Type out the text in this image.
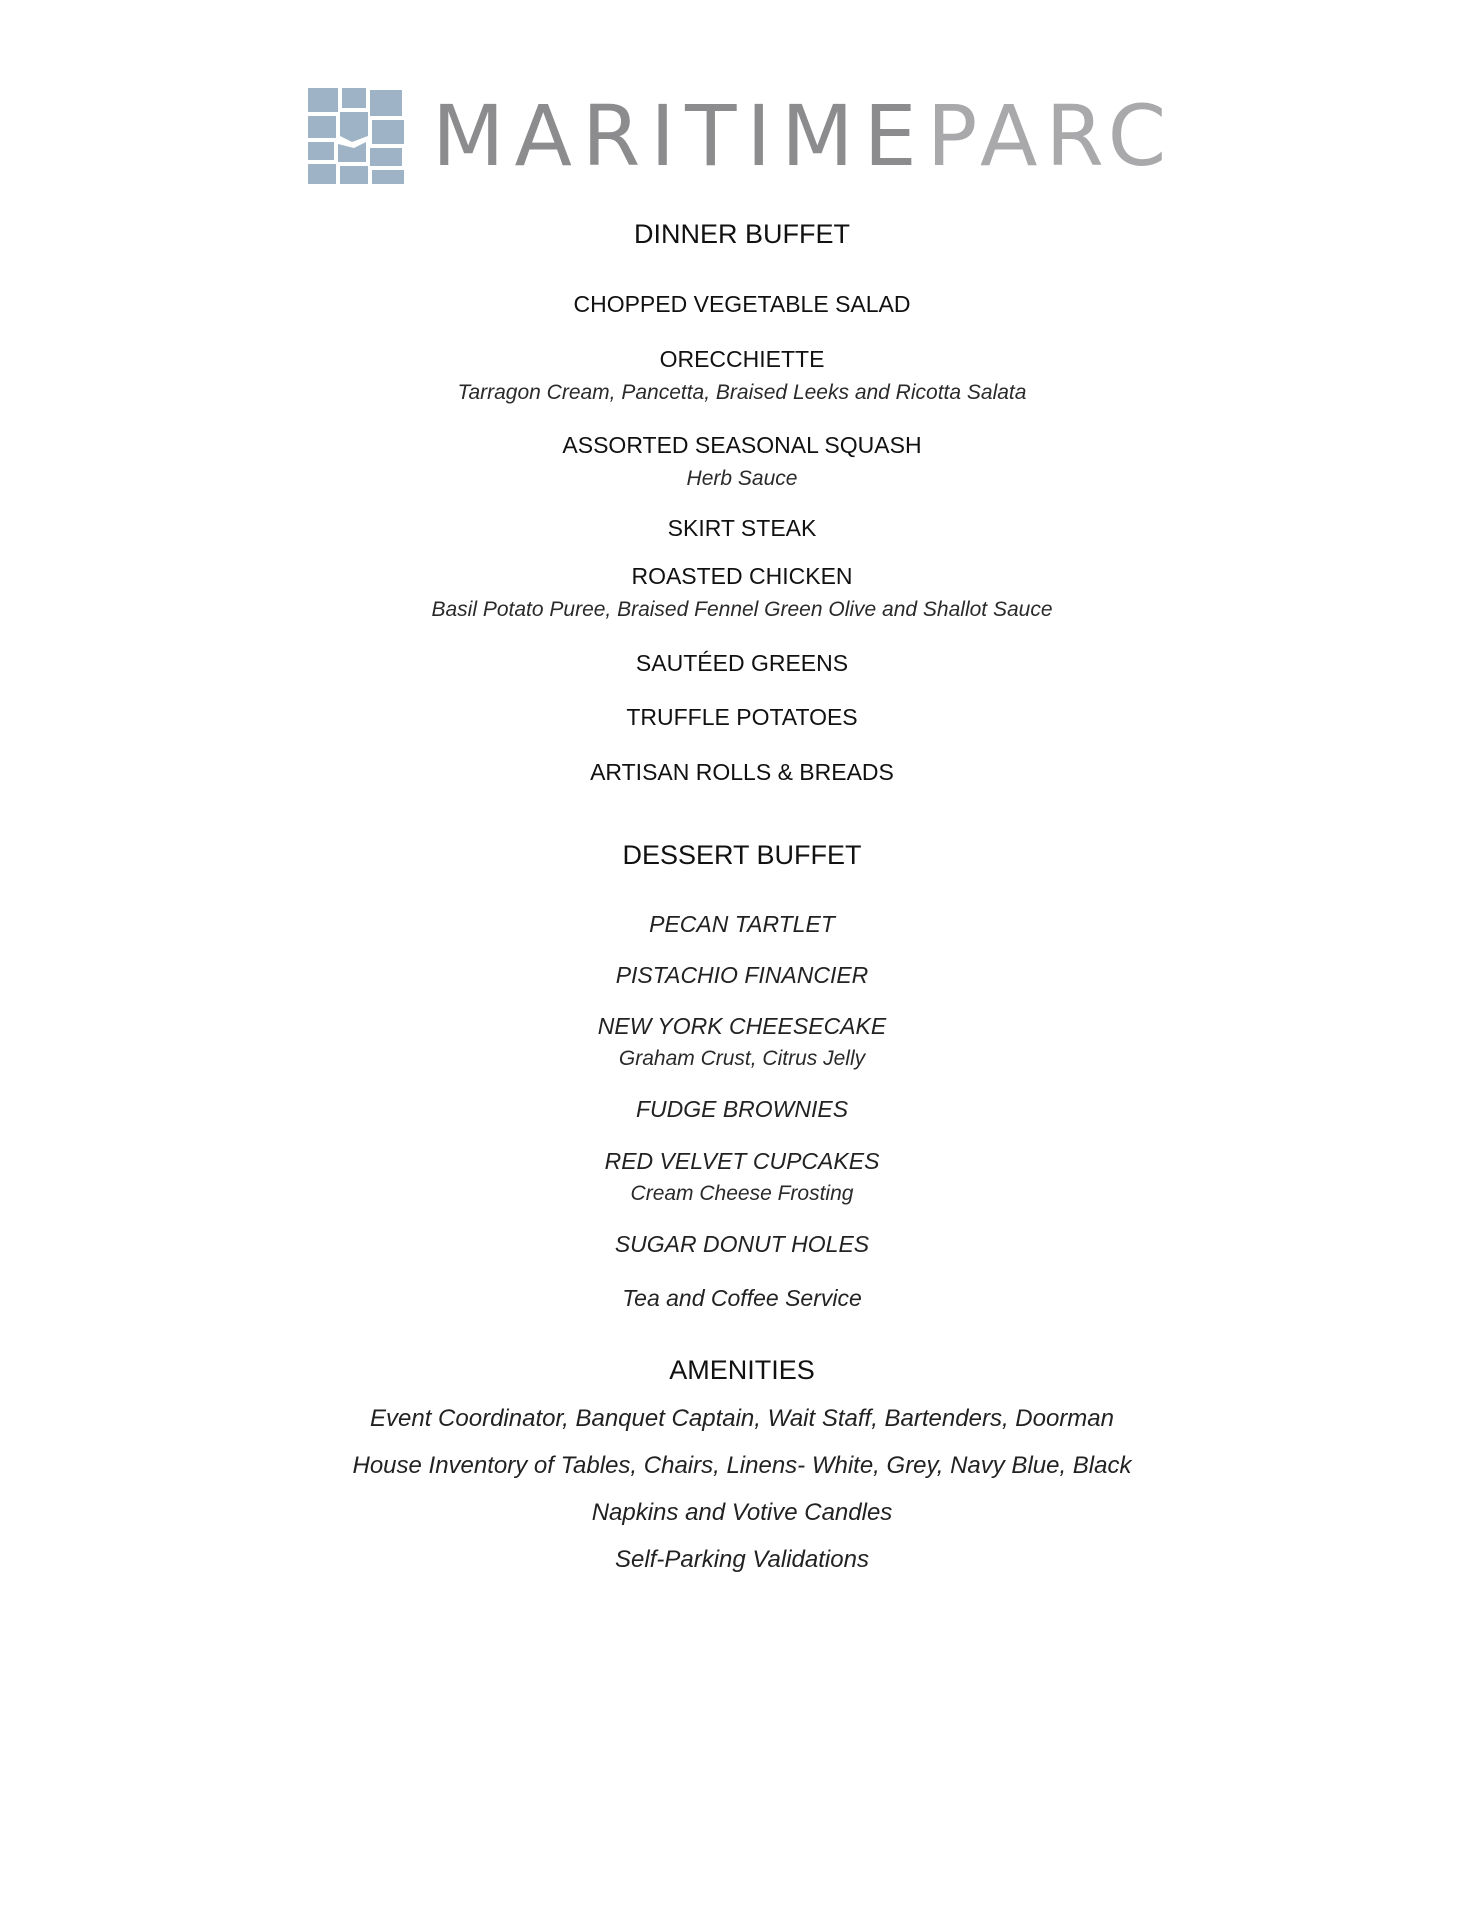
MARITIMEPARC
DINNER BUFFET
CHOPPED VEGETABLE SALAD
ORECCHIETTE
Tarragon Cream, Pancetta, Braised Leeks and Ricotta Salata
ASSORTED SEASONAL SQUASH
Herb Sauce
SKIRT STEAK
ROASTED CHICKEN
Basil Potato Puree, Braised Fennel Green Olive and Shallot Sauce
SAUTÉED GREENS
TRUFFLE POTATOES
ARTISAN ROLLS & BREADS
DESSERT BUFFET
PECAN TARTLET
PISTACHIO FINANCIER
NEW YORK CHEESECAKE
Graham Crust, Citrus Jelly
FUDGE BROWNIES
RED VELVET CUPCAKES
Cream Cheese Frosting
SUGAR DONUT HOLES
Tea and Coffee Service
AMENITIES
Event Coordinator, Banquet Captain, Wait Staff, Bartenders, Doorman
House Inventory of Tables, Chairs, Linens- White, Grey, Navy Blue, Black
Napkins and Votive Candles
Self-Parking Validations
